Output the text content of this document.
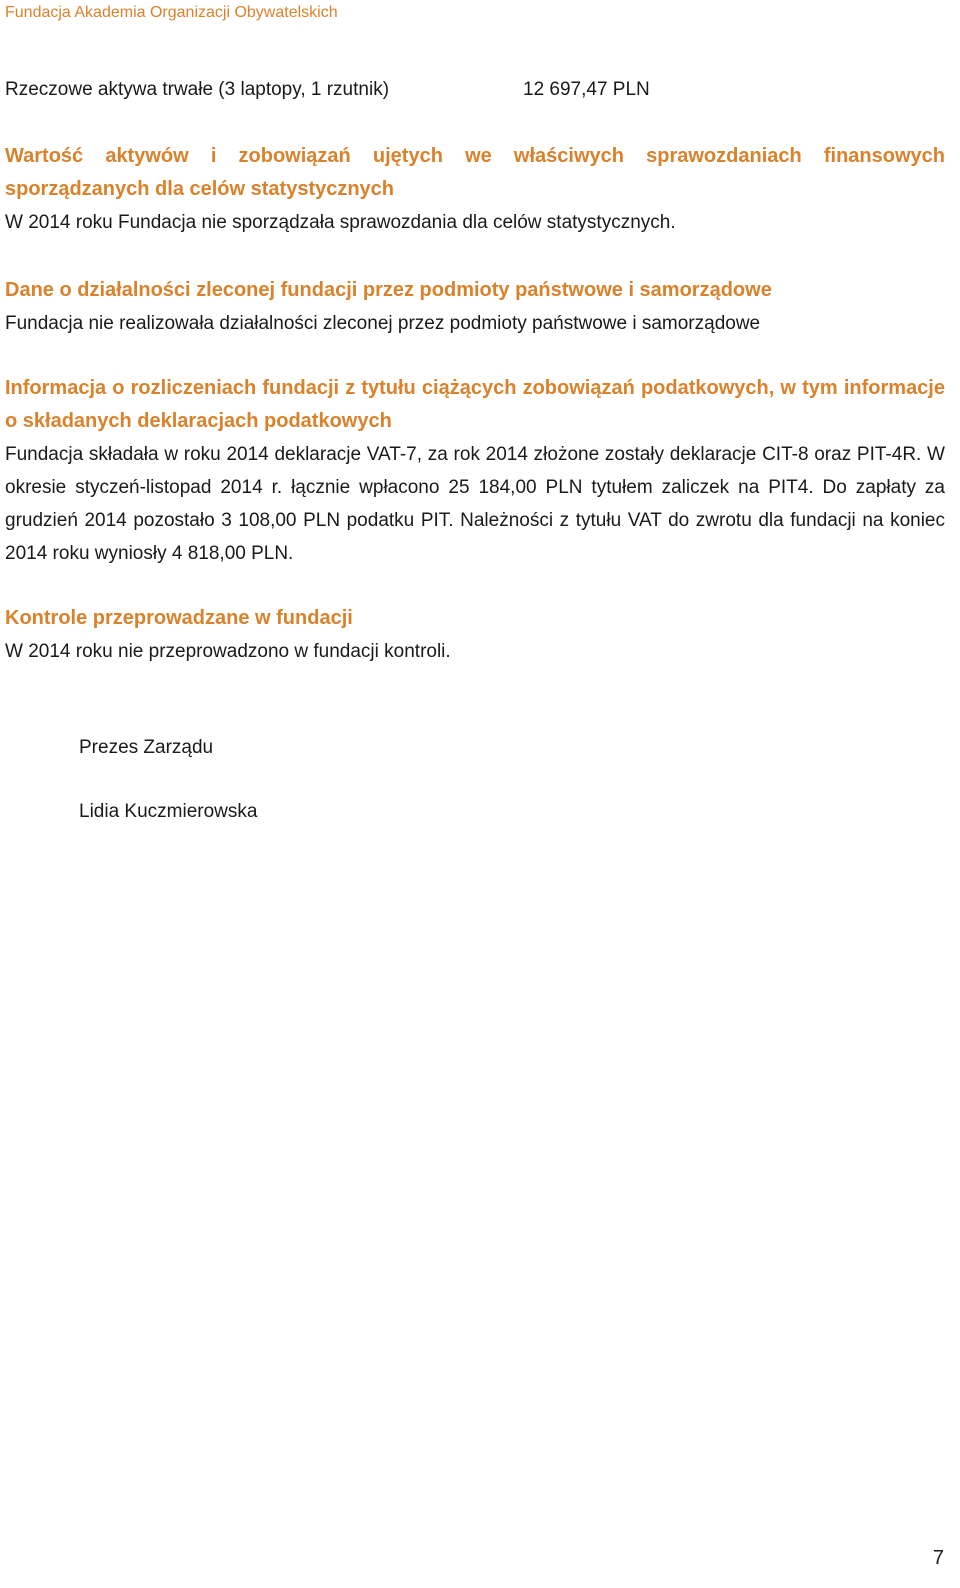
Fundacja Akademia Organizacji Obywatelskich
Rzeczowe aktywa trwałe (3 laptopy, 1 rzutnik)	12 697,47 PLN
Wartość aktywów i zobowiązań ujętych we właściwych sprawozdaniach finansowych sporządzanych dla celów statystycznych

W 2014 roku Fundacja nie sporządzała sprawozdania dla celów statystycznych.

Dane o działalności zleconej fundacji przez podmioty państwowe i samorządowe

Fundacja nie realizowała działalności zleconej przez podmioty państwowe i samorządowe

Informacja o rozliczeniach fundacji z tytułu ciążących zobowiązań podatkowych, w tym informacje o składanych deklaracjach podatkowych

Fundacja składała w roku 2014 deklaracje VAT-7, za rok 2014 złożone zostały deklaracje CIT-8 oraz PIT-4R. W okresie styczeń-listopad 2014 r. łącznie wpłacono 25 184,00 PLN tytułem zaliczek na PIT4. Do zapłaty za grudzień 2014 pozostało 3 108,00 PLN podatku PIT. Należności z tytułu VAT do zwrotu dla fundacji na koniec 2014 roku wyniosły 4 818,00 PLN.

Kontrole przeprowadzane w fundacji

W 2014 roku nie przeprowadzono w fundacji kontroli.

Prezes Zarządu
Lidia Kuczmierowska
7
